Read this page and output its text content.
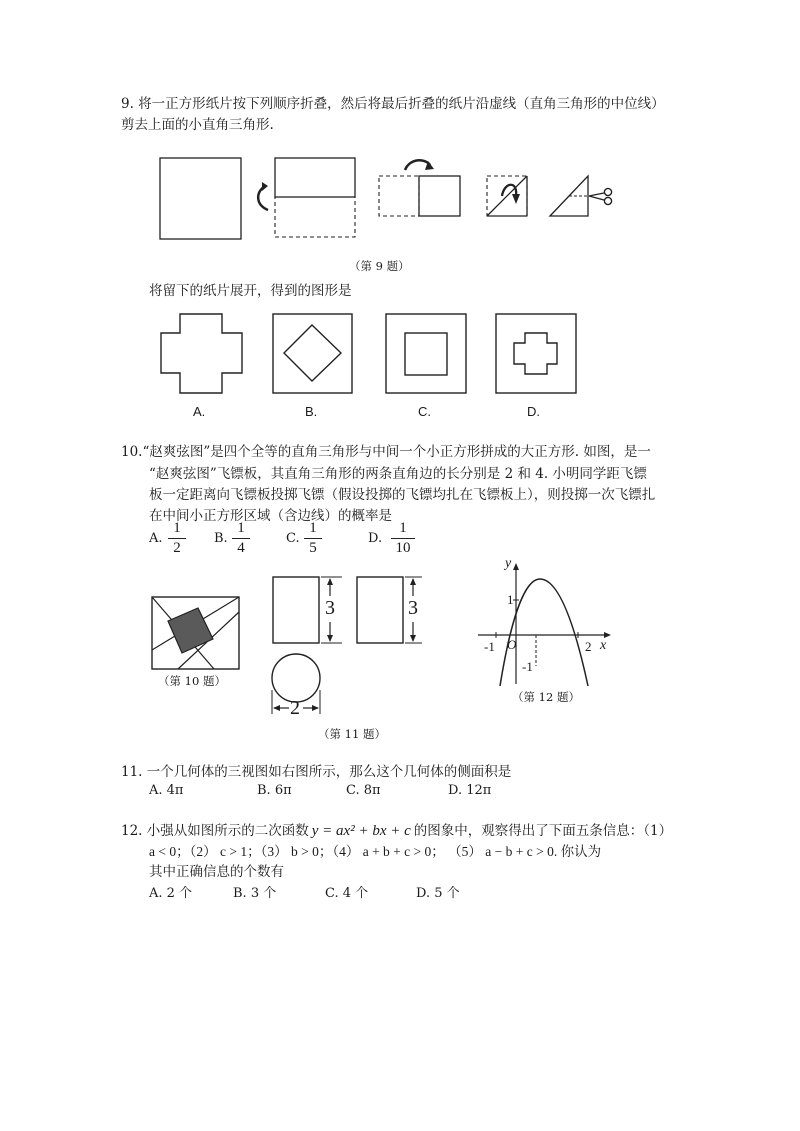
9. 将一正方形纸片按下列顺序折叠，然后将最后折叠的纸片沿虚线（直角三角形的中位线）
剪去上面的小直角三角形.
（第 9 题）
将留下的纸片展开，得到的图形是
A.	B.	C.	D.
10.“赵爽弦图”是四个全等的直角三角形与中间一个小正方形拼成的大正方形. 如图，是一
“赵爽弦图”飞镖板，其直角三角形的两条直角边的长分别是 2 和 4. 小明同学距飞镖
板一定距离向飞镖板投掷飞镖（假设投掷的飞镖均扎在飞镖板上），则投掷一次飞镖扎
在中间小正方形区域（含边线）的概率是
A.
1
2
B.
1
4
C.
1
5
D.
1
10
（第 10 题）
3	3
2
（第 11 题）
y
x
O
1
-1	2
-1
（第 12 题）
11. 一个几何体的三视图如右图所示，那么这个几何体的侧面积是
A. 4π	B. 6π	C. 8π	D. 12π
12. 小强从如图所示的二次函数 y = ax² + bx + c 的图象中，观察得出了下面五条信息：（1）
a < 0；（2） c > 1；（3） b > 0；（4） a + b + c > 0； （5） a − b + c > 0. 你认为
其中正确信息的个数有
A. 2 个	B. 3 个	C. 4 个	D. 5 个
